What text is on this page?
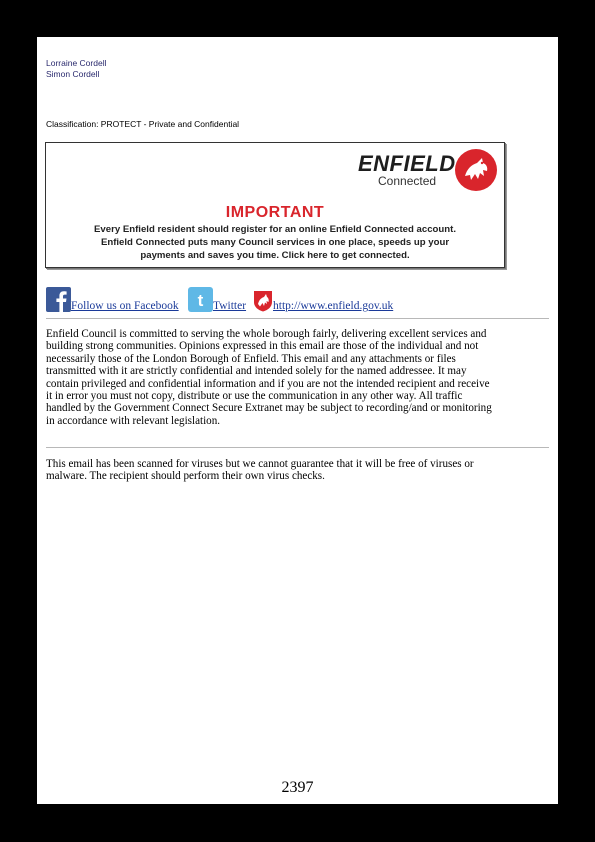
Lorraine Cordell
Simon Cordell
Classification: PROTECT - Private and Confidential
ENFIELD
Connected
IMPORTANT
Every Enfield resident should register for an online Enfield Connected account.
Enfield Connected puts many Council services in one place, speeds up your
payments and saves you time. Click here to get connected.
Follow us on Facebook t Twitter http://www.enfield.gov.uk
Enfield Council is committed to serving the whole borough fairly, delivering excellent services and
building strong communities. Opinions expressed in this email are those of the individual and not
necessarily those of the London Borough of Enfield. This email and any attachments or files
transmitted with it are strictly confidential and intended solely for the named addressee. It may
contain privileged and confidential information and if you are not the intended recipient and receive
it in error you must not copy, distribute or use the communication in any other way. All traffic
handled by the Government Connect Secure Extranet may be subject to recording/and or monitoring
in accordance with relevant legislation.
This email has been scanned for viruses but we cannot guarantee that it will be free of viruses or
malware. The recipient should perform their own virus checks.
2397
